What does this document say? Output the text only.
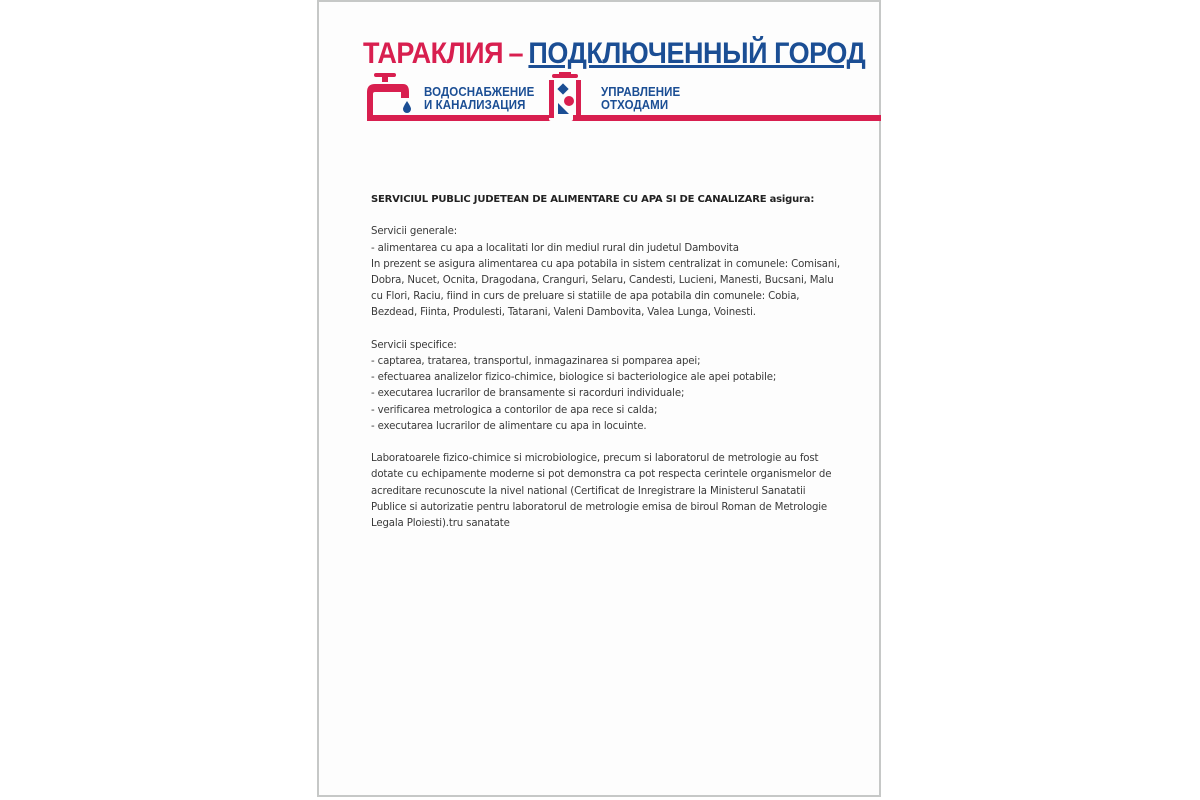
ТАРАКЛИЯ – ПОДКЛЮЧЕННЫЙ ГОРОД
ВОДОСНАБЖЕНИЕ
И КАНАЛИЗАЦИЯ
УПРАВЛЕНИЕ
ОТХОДАМИ

SERVICIUL PUBLIC JUDETEAN DE ALIMENTARE CU APA SI DE CANALIZARE asigura:

Servicii generale:

- alimentarea cu apa a localitati lor din mediul rural din judetul Dambovita

In prezent se asigura alimentarea cu apa potabila in sistem centralizat in comunele: Comisani, Dobra, Nucet, Ocnita, Dragodana, Cranguri, Selaru, Candesti, Lucieni, Manesti, Bucsani, Malu cu Flori, Raciu, fiind in curs de preluare si statiile de apa potabila din comunele: Cobia, Bezdead, Fiinta, Produlesti, Tatarani, Valeni Dambovita, Valea Lunga, Voinesti.

Servicii specifice:

- captarea, tratarea, transportul, inmagazinarea si pomparea apei;

- efectuarea analizelor fizico-chimice, biologice si bacteriologice ale apei potabile;

- executarea lucrarilor de bransamente si racorduri individuale;

- verificarea metrologica a contorilor de apa rece si calda;

- executarea lucrarilor de alimentare cu apa in locuinte.

Laboratoarele fizico-chimice si microbiologice, precum si laboratorul de metrologie au fost dotate cu echipamente moderne si pot demonstra ca pot respecta cerintele organismelor de acreditare recunoscute la nivel national (Certificat de Inregistrare la Ministerul Sanatatii Publice si autorizatie pentru laboratorul de metrologie emisa de biroul Roman de Metrologie Legala Ploiesti).tru sanatate
